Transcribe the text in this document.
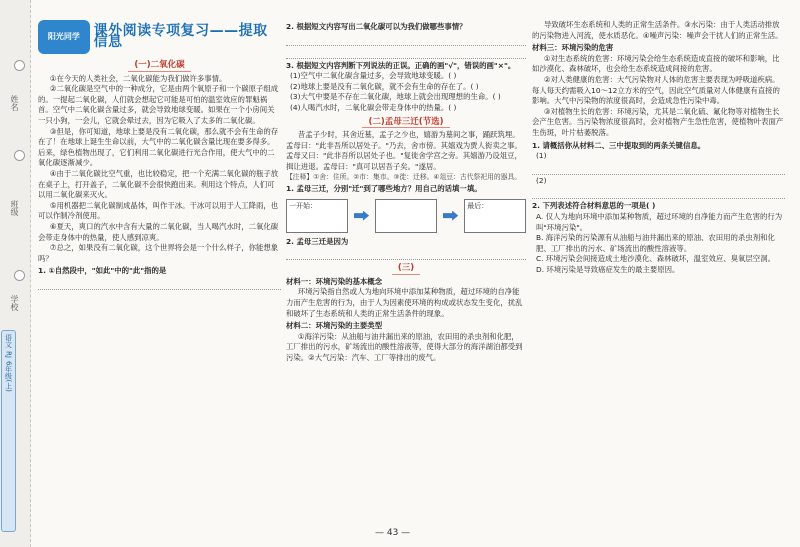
姓名
班级
学校
语文
RJ
6年级(上)
阳光同学 课外阅读专项复习——提取信息
(一)二氧化碳

①在今天的人类社会，二氧化碳能为我们做许多事情。

②二氧化碳是空气中的一种成分，它是由两个氧原子和一个碳原子组成的。一提起二氧化碳，人们就会想起它可能是可怕的温室效应的罪魁祸首。空气中二氧化碳含量过多，就会导致地球变暖。如果在一个小房间关一只小狗，一会儿，它就会晕过去，因为它吸入了太多的二氧化碳。

③但是，你可知道，地球上要是没有二氧化碳，那么就不会有生命的存在了！在地球上诞生生命以前，大气中的二氧化碳含量比现在要多得多。后来，绿色植物出现了，它们利用二氧化碳进行光合作用，使大气中的二氧化碳逐渐减少。

④由于二氧化碳比空气重，也比较稳定，把一个充满二氧化碳的瓶子放在桌子上，打开盖子，二氧化碳不会很快跑出来。利用这个特点，人们可以用二氧化碳来灭火。

⑤用机器把二氧化碳制成晶体，叫作干冰。干冰可以用于人工降雨，也可以作制冷剂使用。

⑥夏天，爽口的汽水中含有大量的二氧化碳，当人喝汽水时，二氧化碳会带走身体中的热量，使人感到凉爽。

⑦总之，如果没有二氧化碳，这个世界将会是一个什么样子，你能想象吗？

1. ①自然段中，"如此"中的"此"指的是

2. 根据短文内容写出二氧化碳可以为我们做哪些事情？

3. 根据短文内容判断下列说法的正误。正确的画"√"，错误的画"×"。

(1)空气中二氧化碳含量过多，会导致地球变暖。( )

(2)地球上要是没有二氧化碳，就不会有生命的存在了。( )

(3)大气中要是不存在二氧化碳，地球上就会出现理想的生命。( )

(4)人喝汽水时，二氧化碳会带走身体中的热量。( )

(二)孟母三迁(节选)

昔孟子少时，其舍近墓，孟子之少也，嬉游为墓间之事，踊跃筑埋。孟母曰："此非吾所以居处子。"乃去，舍市傍。其嬉戏为贾人衒卖之事。孟母又曰："此非吾所以居处子也。"复徙舍学宫之旁。其嬉游乃设俎豆，揖让进退。孟母曰："真可以居吾子矣。"遂居。

【注释】①舍：住所。②市：集市。③徙：迁移。④俎豆：古代祭祀用的器具。

1. 孟母三迁，分别"迁"到了哪些地方？用自己的话填一填。

一开始：	最后：

2. 孟母三迁是因为

(三)

材料一：环境污染的基本概念

环境污染指自然或人为地向环境中添加某种物质，超过环境的自净能力而产生危害的行为，由于人为因素使环境的构成或状态发生变化，扰乱和破坏了生态系统和人类的正常生活条件的现象。

材料二：环境污染的主要类型

①海洋污染：从油船与油井漏出来的原油，农田用的杀虫剂和化肥，工厂排出的污水，矿场流出的酸性溶液等，使得大部分的海洋湖泊都受到污染。②大气污染：汽车、工厂等排出的废气。

导致破坏生态系统和人类的正常生活条件。③水污染：由于人类活动排放的污染物进入河流，使水质恶化。④噪声污染：噪声会干扰人们的正常生活。

材料三：环境污染的危害

①对生态系统的危害：环境污染会给生态系统造成直接的破坏和影响，比如沙漠化、森林破坏，也会给生态系统造成间接的危害。

②对人类健康的危害：大气污染物对人体的危害主要表现为呼吸道疾病。每人每天约需吸入10～12立方米的空气，因此空气质量对人体健康有直接的影响。大气中污染物的浓度很高时，会造成急性污染中毒。

③对植物生长的危害：环境污染，尤其是二氧化硫、氟化物等对植物生长会产生危害。当污染物浓度很高时，会对植物产生急性危害，使植物叶表面产生伤斑，叶片枯萎脱落。

1. 请概括你从材料二、三中提取到的两条关键信息。

(1)

(2)

2. 下列表述符合材料意思的一项是( )

A. 仅人为地向环境中添加某种物质，超过环境的自净能力而产生危害的行为叫"环境污染"。

B. 海洋污染的污染源有从油船与油井漏出来的原油、农田用的杀虫剂和化肥、工厂排出的污水、矿场流出的酸性溶液等。

C. 环境污染会间接造成土地沙漠化、森林破坏，温室效应、臭氧层空洞。

D. 环境污染是导致癌症发生的最主要原因。

— 43 —
